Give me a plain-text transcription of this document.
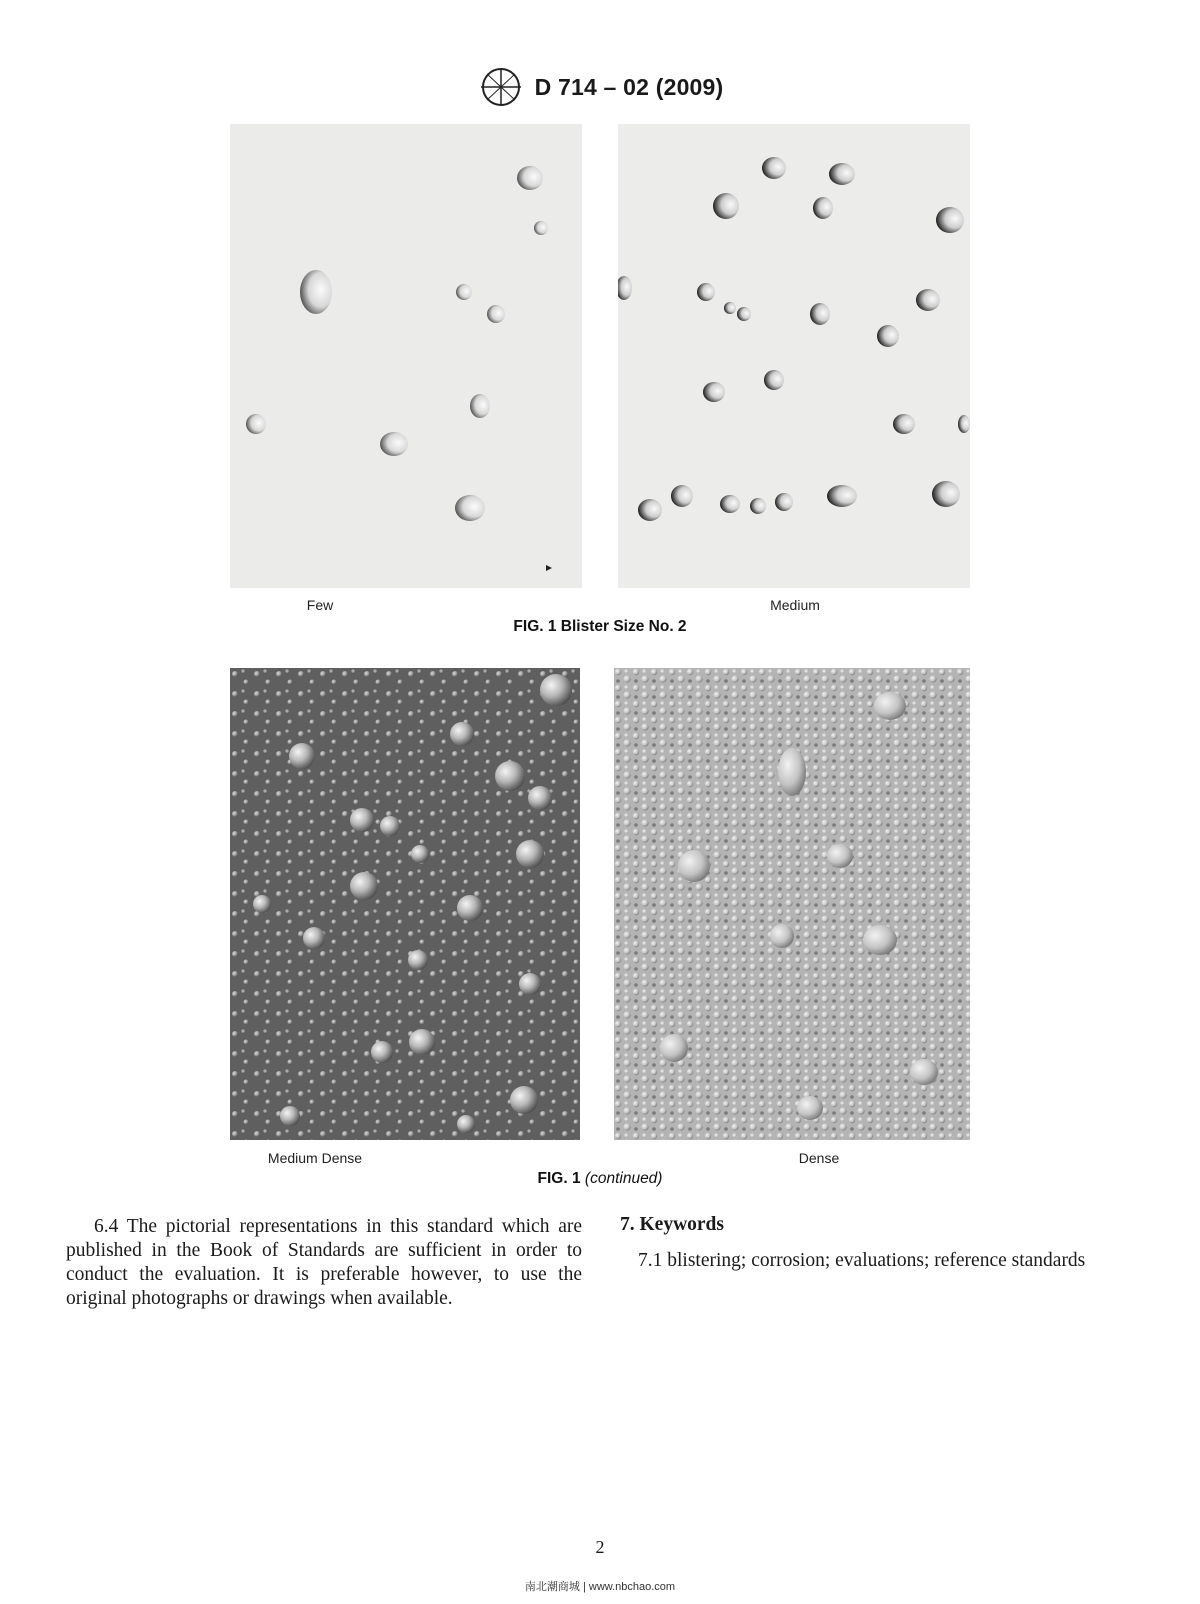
D 714 – 02 (2009)
Few	Medium
FIG. 1 Blister Size No. 2
Medium Dense	Dense
FIG. 1 (continued)

6.4 The pictorial representations in this standard which are published in the Book of Standards are sufficient in order to conduct the evaluation. It is preferable however, to use the original photographs or drawings when available.

7. Keywords
7.1 blistering; corrosion; evaluations; reference standards
2
南北潮商城 | www.nbchao.com
